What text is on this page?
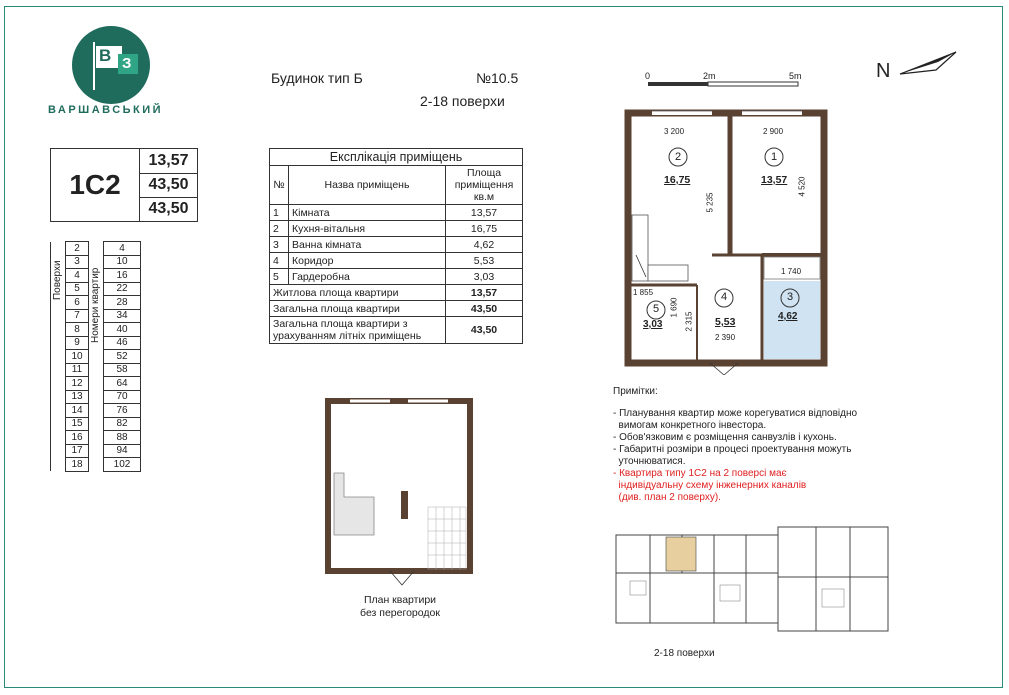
В З
ВАРШАВСЬКИЙ
Будинок тип Б	№10.5
2-18 поверхи
1С2
13,57
43,50
43,50
Поверхи	Номери квартир
	2		4
	3		10
	4		16
	5		22
	6		28
	7		34
	8		40
	9		46
	10		52
	11		58
	12		64
	13		70
	14		76
	15		82
	16		88
	17		94
	18		102
Експлікація приміщень		
№	Назва приміщень	Площа приміщення кв.м
1	Кімната	13,57
2	Кухня-вітальня	16,75
3	Ванна кімната	4,62
4	Коридор	5,53
5	Гардеробна	3,03
Житлова площа квартири		13,57
Загальна площа квартири		43,50
Загальна площа квартири з урахуванням літніх приміщень		43,50
0	2m	5m	N
3 200	2 900
5 235
4 520
1 740
1 855
1 690
2 315
2 390
2
16,75
1
13,57
5
3,03
4
5,53
3
4,62
План квартири
без перегородок
Примітки:
- Планування квартир може корегуватися відповідно
вимогам конкретного інвестора.
- Обов'язковим є розміщення санвузлів і кухонь.
- Габаритні розміри в процесі проектування можуть
уточнюватися.
- Квартира типу 1С2 на 2 поверсі має
індивідуальну схему інженерних каналів
(див. план 2 поверху).
2-18 поверхи
